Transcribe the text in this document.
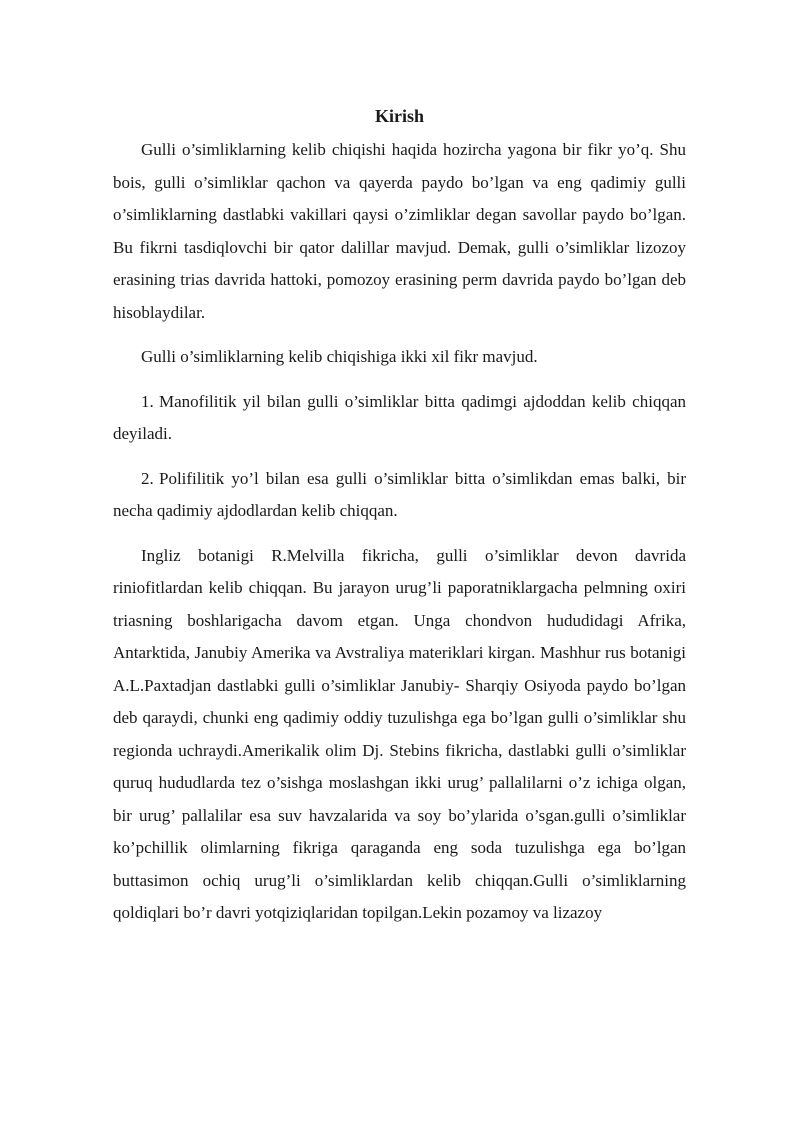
Kirish

Gulli o’simliklarning kelib chiqishi haqida hozircha yagona bir fikr yo’q. Shu bois, gulli o’simliklar qachon va qayerda paydo bo’lgan va eng qadimiy gulli o’simliklarning dastlabki vakillari qaysi o’zimliklar degan savollar paydo bo’lgan. Bu fikrni tasdiqlovchi bir qator dalillar mavjud. Demak, gulli o’simliklar lizozoy erasining trias davrida hattoki, pomozoy erasining perm davrida paydo bo’lgan deb hisoblaydilar.

Gulli o’simliklarning kelib chiqishiga ikki xil fikr mavjud.

1. Manofilitik yil bilan gulli o’simliklar bitta qadimgi ajdoddan kelib chiqqan deyiladi.

2. Polifilitik yo’l bilan esa gulli o’simliklar bitta o’simlikdan emas balki, bir necha qadimiy ajdodlardan kelib chiqqan.

Ingliz botanigi R.Melvilla fikricha, gulli o’simliklar devon davrida riniofitlardan kelib chiqqan. Bu jarayon urug’li paporatniklargacha pelmning oxiri triasning boshlarigacha davom etgan. Unga chondvon hududidagi Afrika, Antarktida, Janubiy Amerika va Avstraliya materiklari kirgan. Mashhur rus botanigi A.L.Paxtadjan dastlabki gulli o’simliklar Janubiy- Sharqiy Osiyoda paydo bo’lgan deb qaraydi, chunki eng qadimiy oddiy tuzulishga ega bo’lgan gulli o’simliklar shu regionda uchraydi.Amerikalik olim Dj. Stebins fikricha, dastlabki gulli o’simliklar quruq hududlarda tez o’sishga moslashgan ikki urug’ pallalilarni o’z ichiga olgan, bir urug’ pallalilar esa suv havzalarida va soy bo’ylarida o’sgan.gulli o’simliklar ko’pchillik olimlarning fikriga qaraganda eng soda tuzulishga ega bo’lgan buttasimon ochiq urug’li o’simliklardan kelib chiqqan.Gulli o’simliklarning qoldiqlari bo’r davri yotqiziqlaridan topilgan.Lekin pozamoy va lizazoy
